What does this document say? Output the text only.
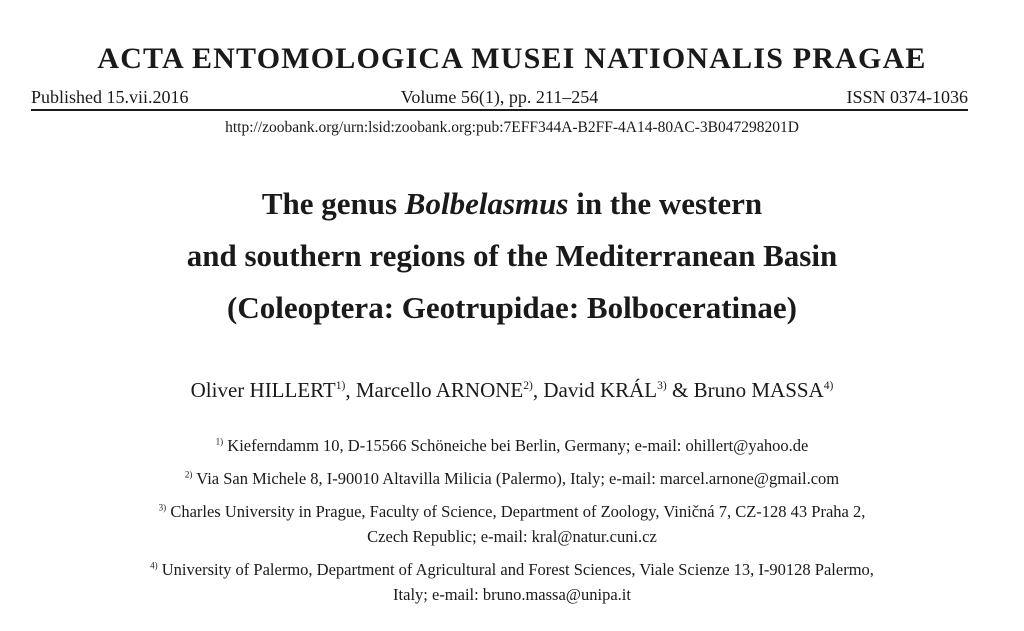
ACTA ENTOMOLOGICA MUSEI NATIONALIS PRAGAE
Published 15.vii.2016	Volume 56(1), pp. 211–254	ISSN 0374-1036
http://zoobank.org/urn:lsid:zoobank.org:pub:7EFF344A-B2FF-4A14-80AC-3B047298201D
The genus Bolbelasmus in the western
and southern regions of the Mediterranean Basin
(Coleoptera: Geotrupidae: Bolboceratinae)
Oliver HILLERT$^{1)}$, Marcello ARNONE$^{2)}$, David KRÁL$^{3)}$ & Bruno MASSA$^{4)}$
$^{1)}$ Kieferndamm 10, D-15566 Schöneiche bei Berlin, Germany; e-mail: ohillert@yahoo.de
$^{2)}$ Via San Michele 8, I-90010 Altavilla Milicia (Palermo), Italy; e-mail: marcel.arnone@gmail.com
$^{3)}$ Charles University in Prague, Faculty of Science, Department of Zoology, Viničná 7, CZ-128 43 Praha 2,
Czech Republic; e-mail: kral@natur.cuni.cz
$^{4)}$ University of Palermo, Department of Agricultural and Forest Sciences, Viale Scienze 13, I-90128 Palermo,
Italy; e-mail: bruno.massa@unipa.it
